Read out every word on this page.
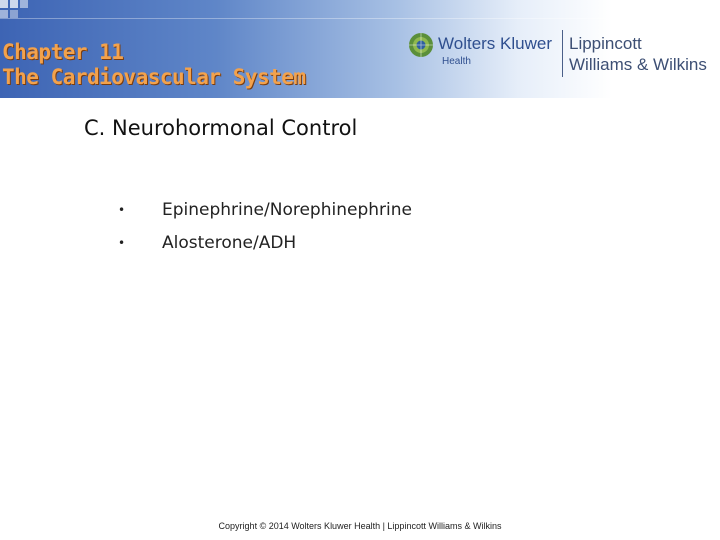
Chapter 11
The Cardiovascular System
Wolters Kluwer
Health
Lippincott
Williams & Wilkins
C. Neurohormonal Control
• Epinephrine/Norephinephrine
• Alosterone/ADH
Copyright © 2014 Wolters Kluwer Health | Lippincott Williams & Wilkins
